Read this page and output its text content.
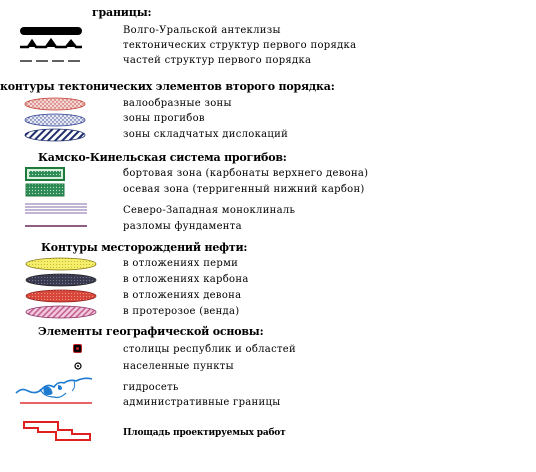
границы:
Волго-Уральской антеклизы
тектонических структур первого порядка
частей структур первого порядка
контуры тектонических элементов второго порядка:
валообразные зоны
зоны прогибов
зоны складчатых дислокаций
Камско-Кинельская система прогибов:
бортовая зона (карбонаты верхнего девона)
осевая зона (терригенный нижний карбон)
Северо-Западная моноклиналь
разломы фундамента
Контуры месторождений нефти:
в отложениях перми
в отложениях карбона
в отложениях девона
в протерозое (венда)
Элементы географической основы:
столицы республик и областей
населенные пункты
гидросеть
административные границы
Площадь проектируемых работ
